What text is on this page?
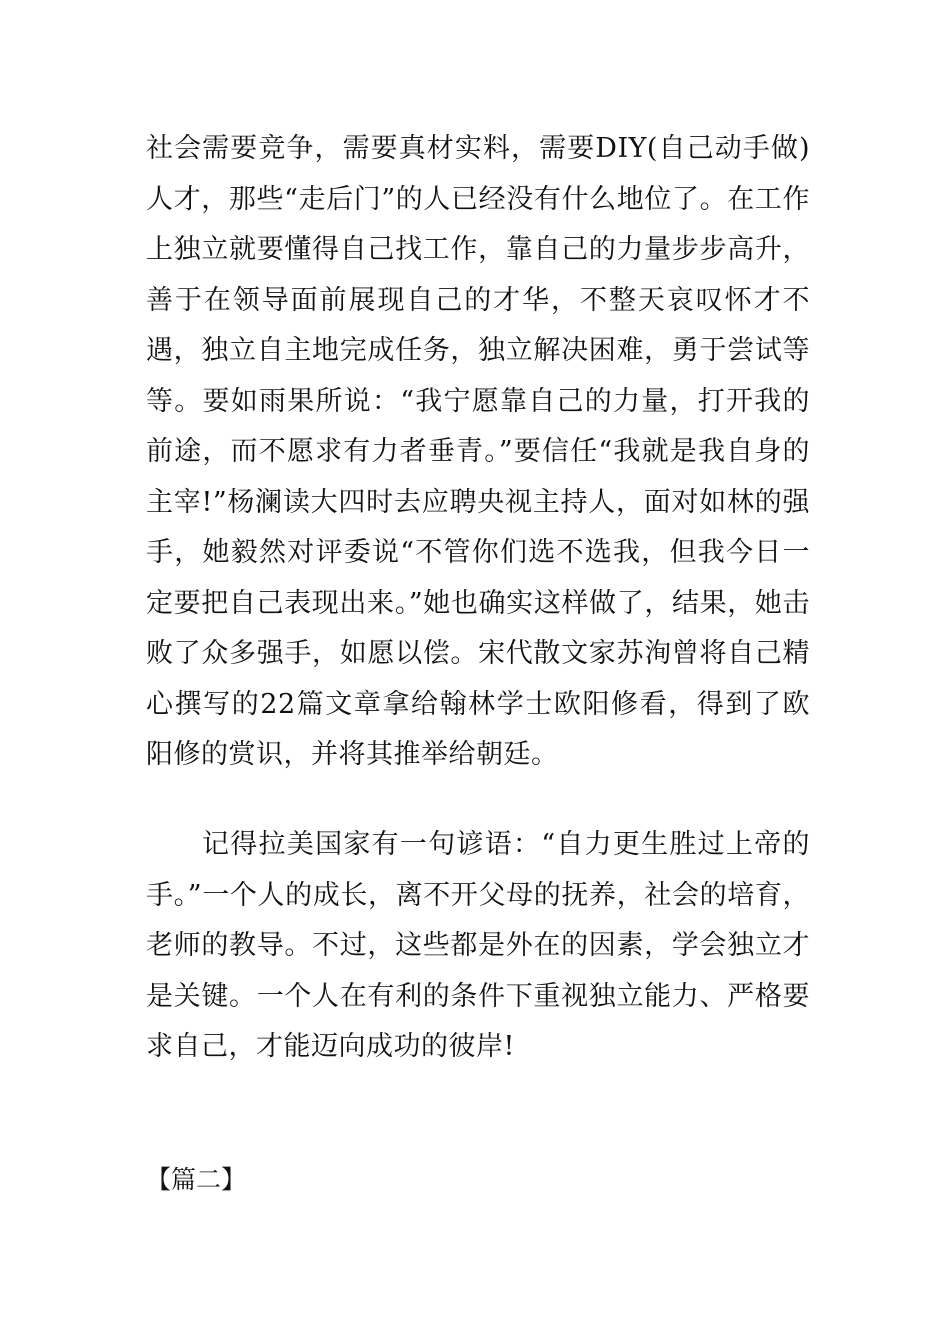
社会需要竞争，需要真材实料，需要DIY(自己动手做)人才，那些“走后门”的人已经没有什么地位了。在工作上独立就要懂得自己找工作，靠自己的力量步步高升，善于在领导面前展现自己的才华，不整天哀叹怀才不遇，独立自主地完成任务，独立解决困难，勇于尝试等等。要如雨果所说：“我宁愿靠自己的力量，打开我的前途，而不愿求有力者垂青。”要信任“我就是我自身的主宰!”杨澜读大四时去应聘央视主持人，面对如林的强手，她毅然对评委说“不管你们选不选我，但我今日一定要把自己表现出来。”她也确实这样做了，结果，她击败了众多强手，如愿以偿。宋代散文家苏洵曾将自己精心撰写的22篇文章拿给翰林学士欧阳修看，得到了欧阳修的赏识，并将其推举给朝廷。

记得拉美国家有一句谚语：“自力更生胜过上帝的手。”一个人的成长，离不开父母的抚养，社会的培育，老师的教导。不过，这些都是外在的因素，学会独立才是关键。一个人在有利的条件下重视独立能力、严格要求自己，才能迈向成功的彼岸!

【篇二】
